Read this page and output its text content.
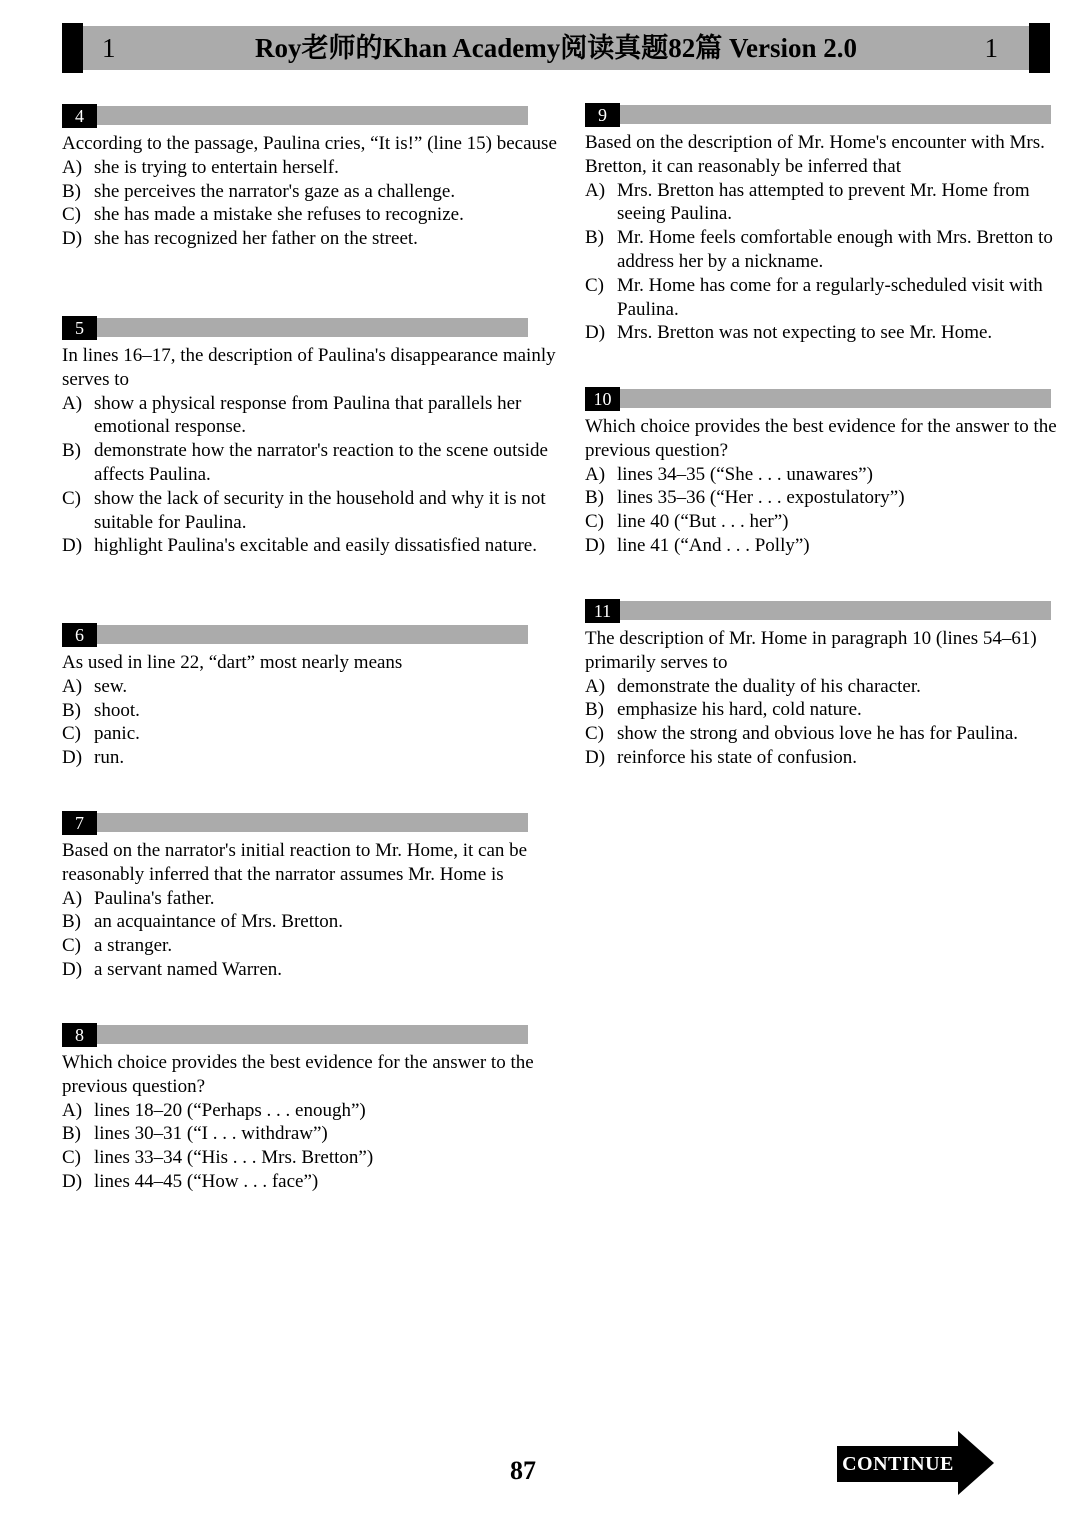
1	Roy老师的Khan Academy阅读真题82篇 Version 2.0	1
4

According to the passage, Paulina cries, “It is!” (line 15) because

A) she is trying to entertain herself.
B) she perceives the narrator's gaze as a challenge.
C) she has made a mistake she refuses to recognize.
D) she has recognized her father on the street.
5

In lines 16–17, the description of Paulina's disappearance mainly serves to

A) show a physical response from Paulina that parallels her emotional response.
B) demonstrate how the narrator's reaction to the scene outside affects Paulina.
C) show the lack of security in the household and why it is not suitable for Paulina.
D) highlight Paulina's excitable and easily dissatisfied nature.
6

As used in line 22, “dart” most nearly means

A) sew.
B) shoot.
C) panic.
D) run.
7

Based on the narrator's initial reaction to Mr. Home, it can be reasonably inferred that the narrator assumes Mr. Home is

A) Paulina's father.
B) an acquaintance of Mrs. Bretton.
C) a stranger.
D) a servant named Warren.
8

Which choice provides the best evidence for the answer to the previous question?

A) lines 18–20 (“Perhaps . . . enough”)
B) lines 30–31 (“I . . . withdraw”)
C) lines 33–34 (“His . . . Mrs. Bretton”)
D) lines 44–45 (“How . . . face”)
9

Based on the description of Mr. Home's encounter with Mrs. Bretton, it can reasonably be inferred that

A) Mrs. Bretton has attempted to prevent Mr. Home from seeing Paulina.
B) Mr. Home feels comfortable enough with Mrs. Bretton to address her by a nickname.
C) Mr. Home has come for a regularly-scheduled visit with Paulina.
D) Mrs. Bretton was not expecting to see Mr. Home.
10

Which choice provides the best evidence for the answer to the previous question?

A) lines 34–35 (“She . . . unawares”)
B) lines 35–36 (“Her . . . expostulatory”)
C) line 40 (“But . . . her”)
D) line 41 (“And . . . Polly”)
11

The description of Mr. Home in paragraph 10 (lines 54–61) primarily serves to

A) demonstrate the duality of his character.
B) emphasize his hard, cold nature.
C) show the strong and obvious love he has for Paulina.
D) reinforce his state of confusion.
87	CONTINUE
